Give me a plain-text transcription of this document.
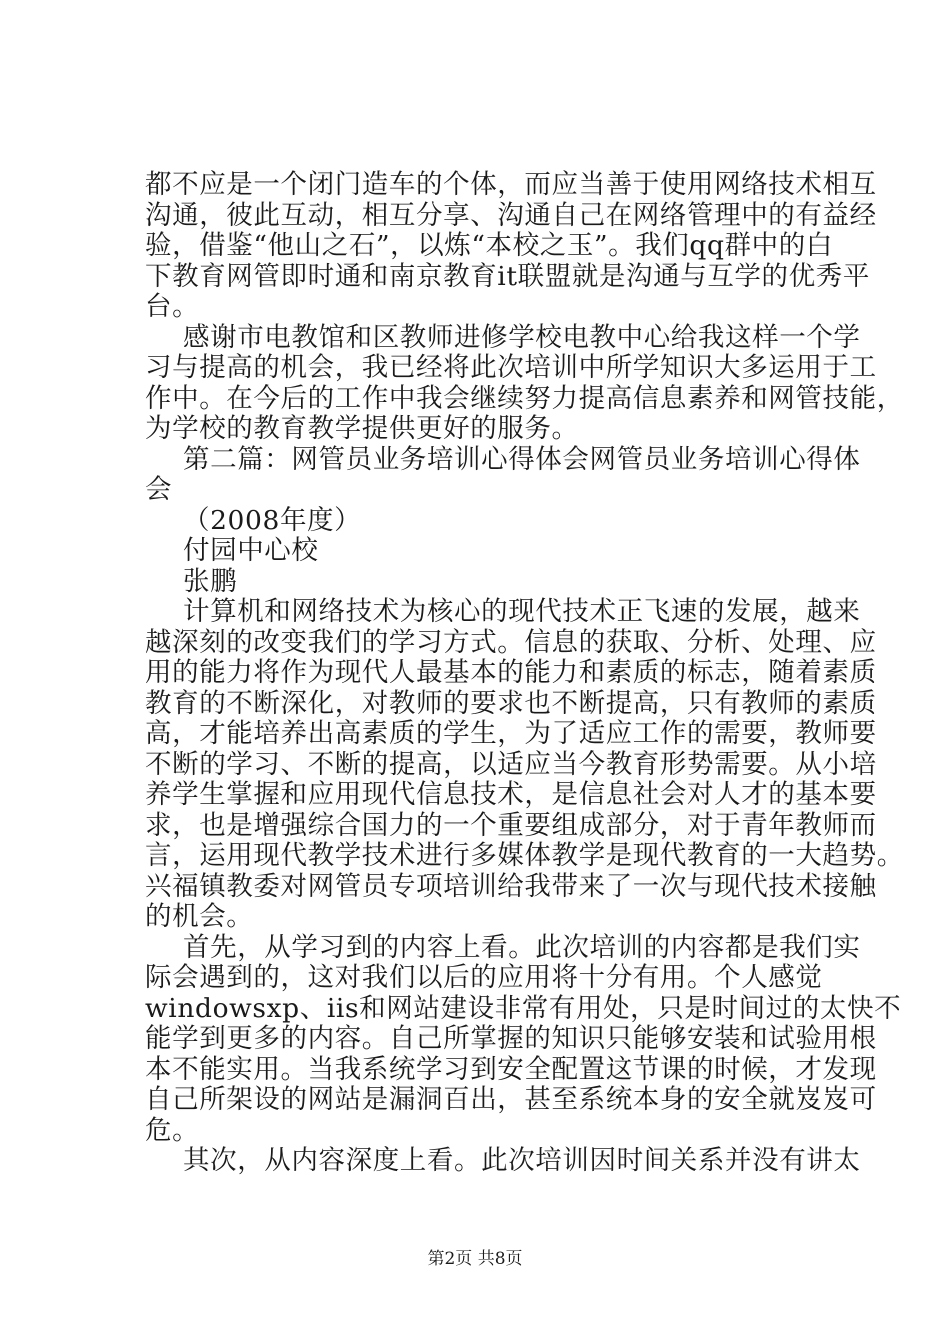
都不应是一个闭门造车的个体，而应当善于使用网络技术相互
沟通，彼此互动，相互分享、沟通自己在网络管理中的有益经
验，借鉴“他山之石”，以炼“本校之玉”。我们qq群中的白
下教育网管即时通和南京教育it联盟就是沟通与互学的优秀平
台。
感谢市电教馆和区教师进修学校电教中心给我这样一个学
习与提高的机会，我已经将此次培训中所学知识大多运用于工
作中。在今后的工作中我会继续努力提高信息素养和网管技能，
为学校的教育教学提供更好的服务。
第二篇：网管员业务培训心得体会网管员业务培训心得体
会
（2008年度）
付园中心校
张鹏
计算机和网络技术为核心的现代技术正飞速的发展，越来
越深刻的改变我们的学习方式。信息的获取、分析、处理、应
用的能力将作为现代人最基本的能力和素质的标志，随着素质
教育的不断深化，对教师的要求也不断提高，只有教师的素质
高，才能培养出高素质的学生，为了适应工作的需要，教师要
不断的学习、不断的提高，以适应当今教育形势需要。从小培
养学生掌握和应用现代信息技术，是信息社会对人才的基本要
求，也是增强综合国力的一个重要组成部分，对于青年教师而
言，运用现代教学技术进行多媒体教学是现代教育的一大趋势。
兴福镇教委对网管员专项培训给我带来了一次与现代技术接触
的机会。
首先，从学习到的内容上看。此次培训的内容都是我们实
际会遇到的，这对我们以后的应用将十分有用。个人感觉
windowsxp、iis和网站建设非常有用处，只是时间过的太快不
能学到更多的内容。自己所掌握的知识只能够安装和试验用根
本不能实用。当我系统学习到安全配置这节课的时候，才发现
自己所架设的网站是漏洞百出，甚至系统本身的安全就岌岌可
危。
其次，从内容深度上看。此次培训因时间关系并没有讲太
第2页 共8页
